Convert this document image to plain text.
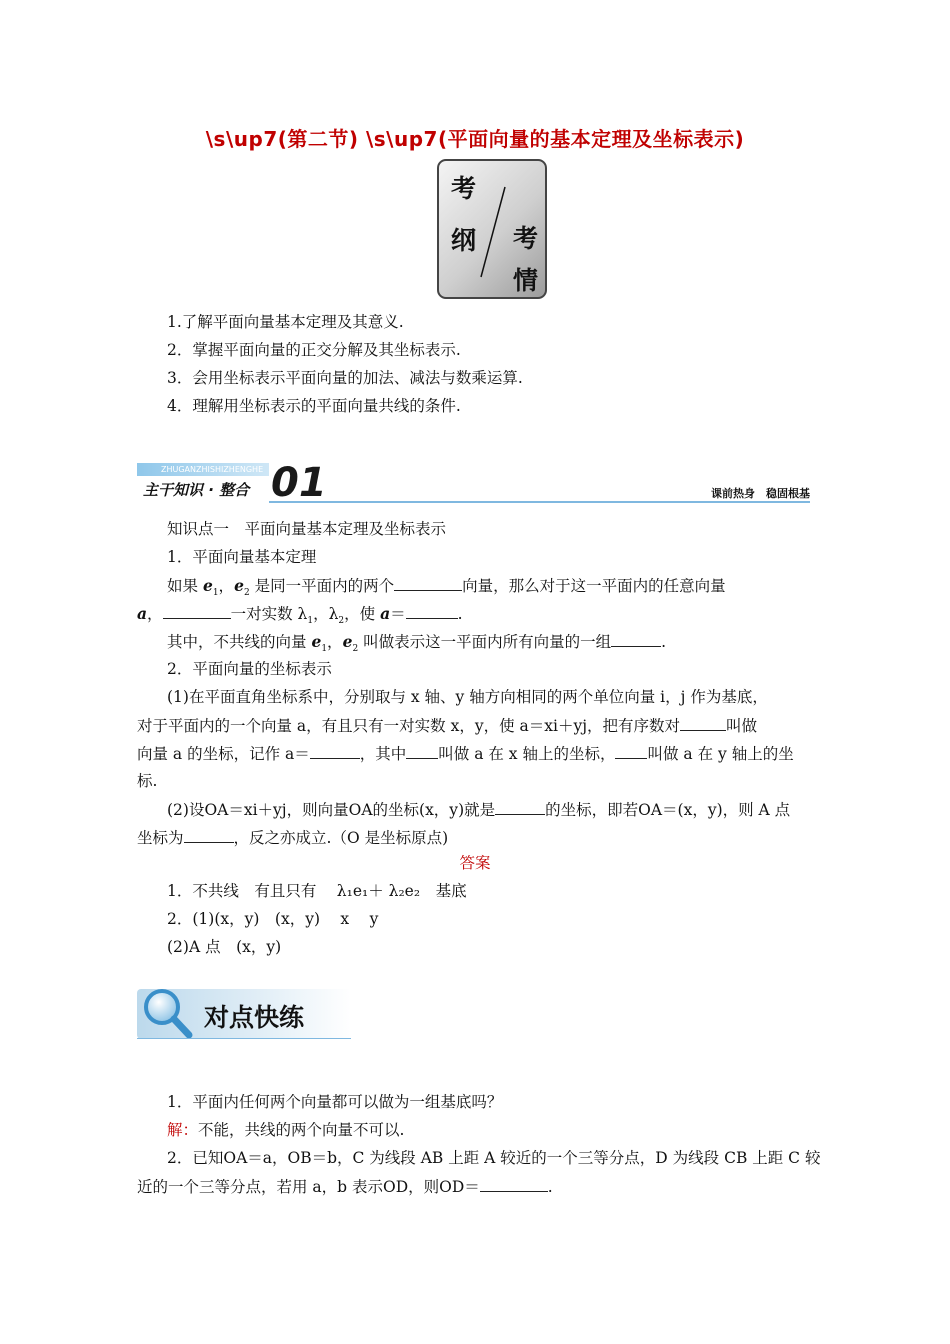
\s\up7(第二节) \s\up7(平面向量的基本定理及坐标表示)
考
纲 考
情
1.了解平面向量基本定理及其意义.
2．掌握平面向量的正交分解及其坐标表示.
3．会用坐标表示平面向量的加法、减法与数乘运算.
4．理解用坐标表示的平面向量共线的条件.
ZHUGANZHISHIZHENGHE
主干知识 · 整合 01	课前热身　稳固根基
知识点一　平面向量基本定理及坐标表示
1．平面向量基本定理
如果 $e_1$，$e_2$ 是同一平面内的两个	向量，那么对于这一平面内的任意向量
a，	一对实数 $\lambda_1$，$\lambda_2$，使 a＝	.
其中，不共线的向量 $e_1$，$e_2$ 叫做表示这一平面内所有向量的一组	.
2．平面向量的坐标表示
(1)在平面直角坐标系中，分别取与 x 轴、y 轴方向相同的两个单位向量 i，j 作为基底，
对于平面内的一个向量 a，有且只有一对实数 x，y，使 a＝xi＋yj，把有序数对	叫做
向量 a 的坐标，记作 a＝	，其中 叫做 a 在 x 轴上的坐标， 叫做 a 在 y 轴上的坐
标.
(2)设OA＝xi＋yj，则向量OA的坐标(x，y)就是	的坐标，即若OA＝(x，y)，则 A 点
坐标为	，反之亦成立.（O 是坐标原点)
答案
1．不共线　有且只有　 λ₁e₁＋ λ₂e₂　基底
2．(1)(x，y)　(x，y)　 x　 y
(2)A 点　(x，y)
对点快练
1．平面内任何两个向量都可以做为一组基底吗？
解：不能，共线的两个向量不可以.
2．已知OA＝a，OB＝b，C 为线段 AB 上距 A 较近的一个三等分点，D 为线段 CB 上距 C 较
近的一个三等分点，若用 a，b 表示OD，则OD＝	.
